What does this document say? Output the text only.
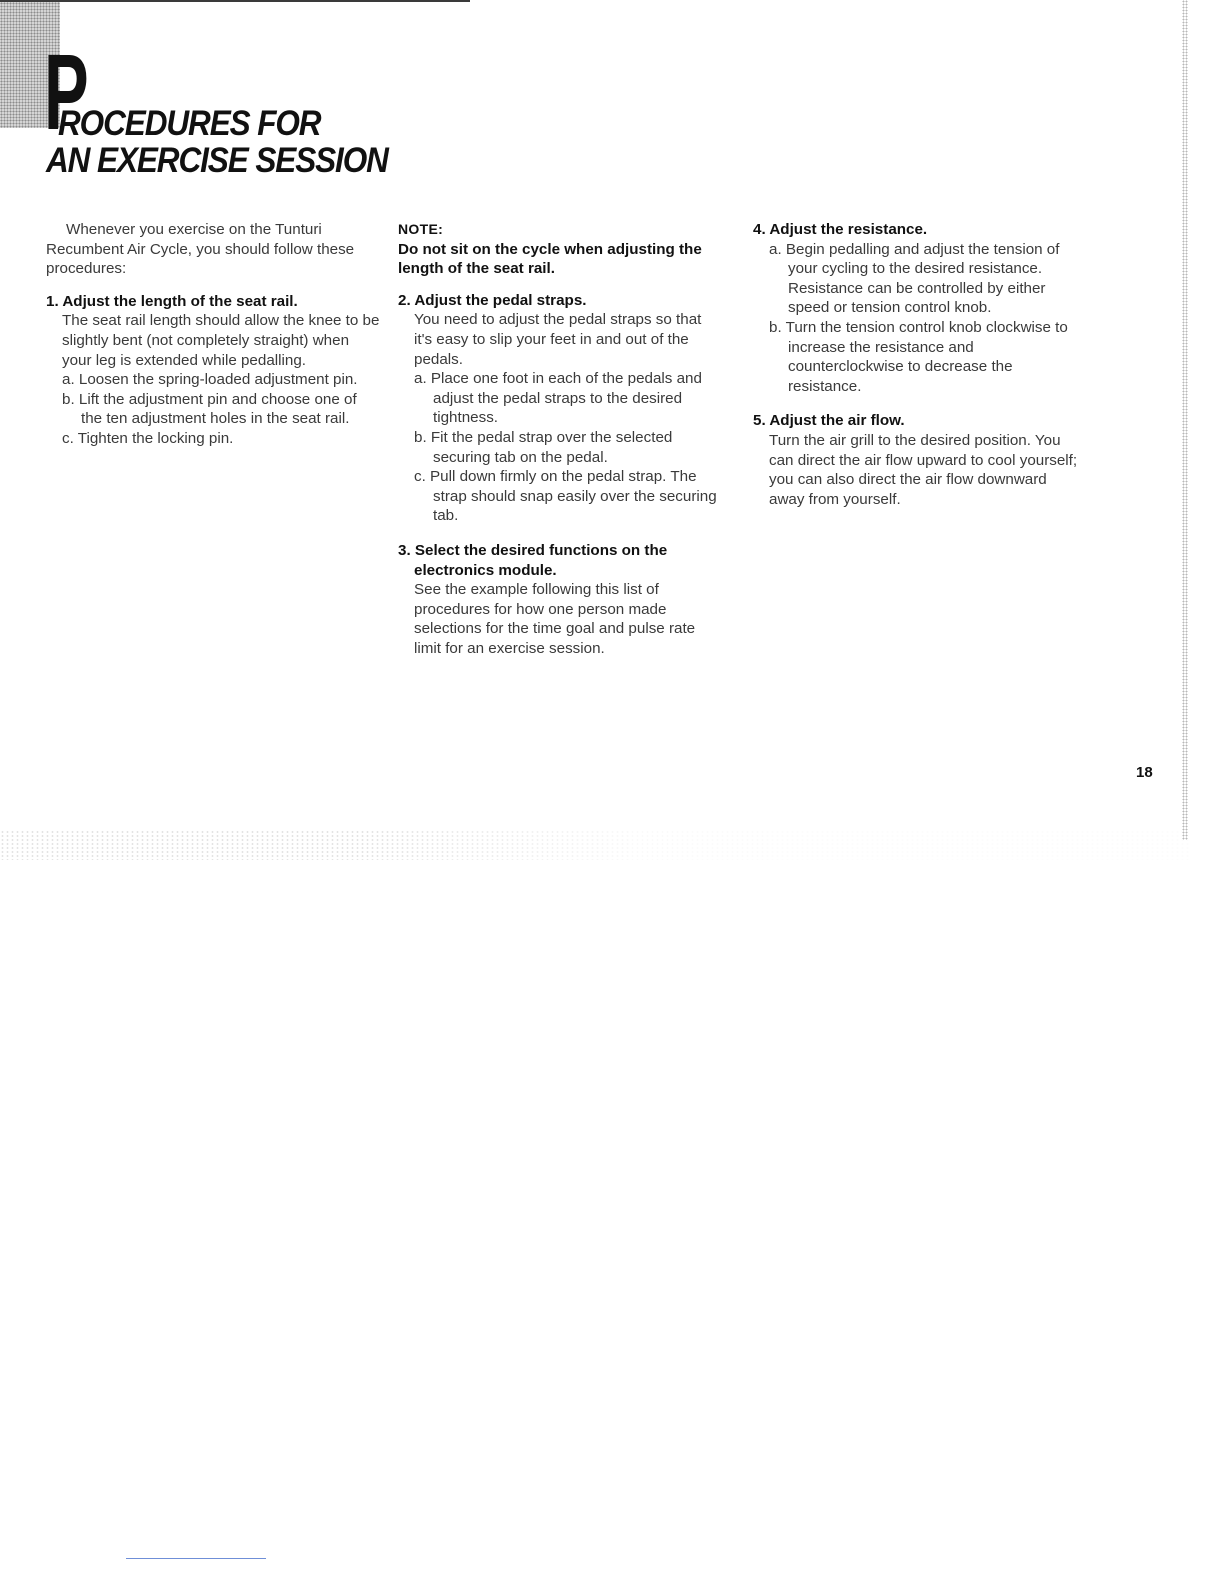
P
ROCEDURES FOR
AN EXERCISE SESSION

Whenever you exercise on the Tunturi Recumbent Air Cycle, you should follow these procedures:

1. Adjust the length of the seat rail.

The seat rail length should allow the knee to be slightly bent (not completely straight) when your leg is extended while pedalling.

a. Loosen the spring-loaded adjustment pin.

b. Lift the adjustment pin and choose one of the ten adjustment holes in the seat rail.

c. Tighten the locking pin.

NOTE:

Do not sit on the cycle when adjusting the length of the seat rail.

2. Adjust the pedal straps.

You need to adjust the pedal straps so that it's easy to slip your feet in and out of the pedals.

a. Place one foot in each of the pedals and adjust the pedal straps to the desired tightness.

b. Fit the pedal strap over the selected securing tab on the pedal.

c. Pull down firmly on the pedal strap. The strap should snap easily over the securing tab.

3. Select the desired functions on the electronics module.

See the example following this list of procedures for how one person made selections for the time goal and pulse rate limit for an exercise session.

4. Adjust the resistance.

a. Begin pedalling and adjust the tension of your cycling to the desired resistance. Resistance can be controlled by either speed or tension control knob.

b. Turn the tension control knob clockwise to increase the resistance and counterclockwise to decrease the resistance.

5. Adjust the air flow.

Turn the air grill to the desired position. You can direct the air flow upward to cool yourself; you can also direct the air flow downward away from yourself.

18
